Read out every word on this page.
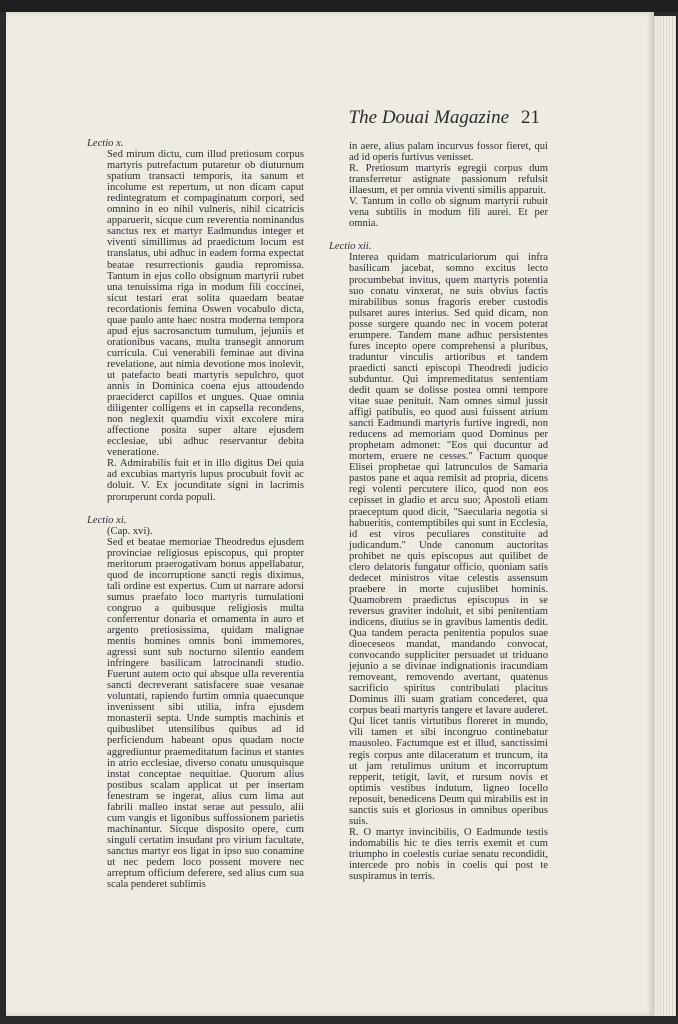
The Douai Magazine 21
Lectio x.

Sed mirum dictu, cum illud pretiosum corpus martyris putrefactum putaretur ob diuturnum spatium transacti temporis, ita sanum et incolume est repertum, ut non dicam caput redintegratum et compaginatum corpori, sed omnino in eo nihil vulneris, nihil cicatricis apparuerit, sicque cum reverentia nominandus sanctus rex et martyr Eadmundus integer et viventi simillimus ad praedictum locum est translatus, ubi adhuc in eadem forma expectat beatae resurrectionis gaudia repromissa. Tantum in ejus collo obsignum martyrii rubet una tenuissima riga in modum fili coccinei, sicut testari erat solita quaedam beatae recordationis femina Oswen vocabulo dicta, quae paulo ante haec nostra moderna tempora apud ejus sacrosanctum tumulum, jejuniis et orationibus vacans, multa transegit annorum curricula. Cui venerabili feminae aut divina revelatione, aut nimia devotione mos inolevit, ut patefacto beati martyris sepulchro, quot annis in Dominica coena ejus attoudendo praeciderct capillos et ungues. Quae omnia diligenter colligens et in capsella recondens, non neglexit quamdiu vixit excolere mira affectione posita super altare ejusdem ecclesiae, ubi adhuc reservantur debita veneratione.

R. Admirabilis fuit et in illo digitus Dei quia ad excubias martyris lupus procubuit fovit ac doluit. V. Ex jocunditate signi in lacrimis proruperunt corda populi.

Lectio xi.

(Cap. xvi).

Sed et beatae memoriae Theodredus ejusdem provinciae religiosus episcopus, qui propter meritorum praerogativam bonus appellabatur, quod de incorruptione sancti regis diximus, tali ordine est expertus. Cum ut narrare adorsi sumus praefato loco martyris tumulationi congruo a quibusque religiosis multa conferrentur donaria et ornamenta in auro et argento pretiosissima, quidam malignae mentis homines omnis boni immemores, agressi sunt sub nocturno silentio eandem infringere basilicam latrocinandi studio. Fuerunt autem octo qui absque ulla reverentia sancti decreverant satisfacere suae vesanae voluntati, rapiendo furtim omnia quaecunque invenissent sibi utilia, infra ejusdem monasterii septa. Unde sumptis machinis et quibuslibet utensilibus quibus ad id perficiendum habeant opus quadam nocte aggrediuntur praemeditatum facinus et stantes in atrio ecclesiae, diverso conatu unusquisque instat conceptae nequitiae. Quorum alius postibus scalam applicat ut per insertam fenestram se ingerat, alius cum lima aut fabrili malleo instat serae aut pessulo, alii cum vangis et ligonibus suffossionem parietis machinantur. Sicque disposito opere, cum singuli certatim insudant pro virium facultate, sanctus martyr eos ligat in ipso suo conamine ut nec pedem loco possent movere nec arreptum officium deferere, sed alius cum sua scala penderet sublimis

in aere, alius palam incurvus fossor fieret, qui ad id operis furtivus venisset.

R. Pretiosum martyris egregii corpus dum transferretur astignate passionum refulsit illaesum, et per omnia viventi similis apparuit.

V. Tantum in collo ob signum martyrii rubuit vena subtilis in modum fili aurei. Et per omnia.

Lectio xii.

Interea quidam matriculariorum qui infra basilicam jacebat, somno excitus lecto procumbebat invitus, quem martyris potentia suo conatu vinxerat, ne suis obvius factis mirabilibus sonus fragoris ereber custodis pulsaret aures interius. Sed quid dicam, non posse surgere quando nec in vocem poterat erumpere. Tandem mane adhuc persistentes fures incepto opere comprehensi a pluribus, traduntur vinculis artioribus et tandem praedicti sancti episcopi Theodredi judicio subduntur. Qui impremeditatus sententiam dedit quam se dolisse postea omni tempore vitae suae penituit. Nam omnes simul jussit affigi patibulis, eo quod ausi fuissent atrium sancti Eadmundi martyris furtive ingredi, non reducens ad memoriam quod Dominus per prophetam admonet: "Eos qui ducuntur ad mortem, eruere ne cesses." Factum quoque Elisei prophetae qui latrunculos de Samaria pastos pane et aqua remisit ad propria, dicens regi volenti percutere ilico, quod non eos cepisset in gladio et arcu suo; Apostoli etiam praeceptum quod dicit, "Saecularia negotia si habueritis, contemptibiles qui sunt in Ecclesia, id est viros peculiares constituite ad judicandum." Unde canonum auctoritas prohibet ne quis episcopus aut quilibet de clero delatoris fungatur officio, quoniam satis dedecet ministros vitae celestis assensum praebere in morte cujuslibet hominis. Quamobrem praedictus episcopus in se reversus graviter indoluit, et sibi penitentiam indicens, diutius se in gravibus lamentis dedit. Qua tandem peracta penitentia populos suae dioeceseos mandat, mandando convocat, convocando suppliciter persuadet ut triduano jejunio a se divinae indignationis iracundiam removeant, removendo avertant, quatenus sacrificio spiritus contribulati placitus Dominus illi suam gratiam concederet, qua corpus beati martyris tangere et lavare auderet. Qui licet tantis virtutibus floreret in mundo, vili tamen et sibi incongruo continebatur mausoleo. Factumque est et illud, sanctissimi regis corpus ante dilaceratum et truncum, ita ut jam retulimus unitum et incorruptum repperit, tetigit, lavit, et rursum novis et optimis vestibus indutum, ligneo locello reposuit, benedicens Deum qui mirabilis est in sanctis suis et gloriosus in omnibus operibus suis.

R. O martyr invincibilis, O Eadmunde testis indomabilis hic te dies terris exemit et cum triumpho in coelestis curiae senatu recondidit, intercede pro nobis in coelis qui post te suspiramus in terris.
